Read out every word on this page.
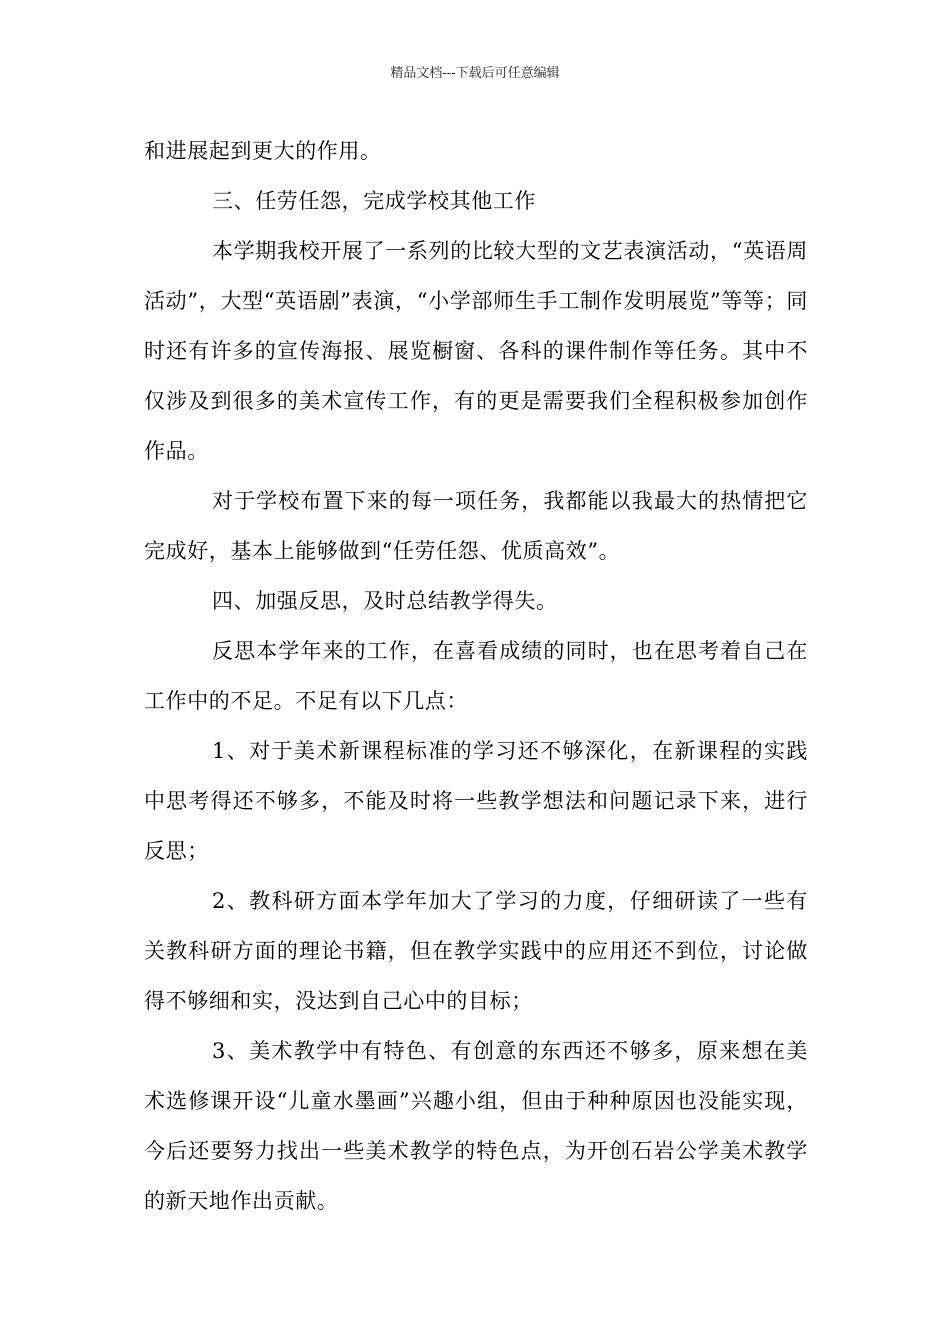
精品文档---下载后可任意编辑

和进展起到更大的作用。

三、任劳任怨，完成学校其他工作

本学期我校开展了一系列的比较大型的文艺表演活动，“英语周活动”，大型“英语剧”表演，“小学部师生手工制作发明展览”等等；同时还有许多的宣传海报、展览橱窗、各科的课件制作等任务。其中不仅涉及到很多的美术宣传工作，有的更是需要我们全程积极参加创作作品。

对于学校布置下来的每一项任务，我都能以我最大的热情把它完成好，基本上能够做到“任劳任怨、优质高效”。

四、加强反思，及时总结教学得失。

反思本学年来的工作，在喜看成绩的同时，也在思考着自己在工作中的不足。不足有以下几点：

1、对于美术新课程标准的学习还不够深化，在新课程的实践中思考得还不够多，不能及时将一些教学想法和问题记录下来，进行反思；

2、教科研方面本学年加大了学习的力度，仔细研读了一些有关教科研方面的理论书籍，但在教学实践中的应用还不到位，讨论做得不够细和实，没达到自己心中的目标；

3、美术教学中有特色、有创意的东西还不够多，原来想在美术选修课开设“儿童水墨画”兴趣小组，但由于种种原因也没能实现，今后还要努力找出一些美术教学的特色点，为开创石岩公学美术教学的新天地作出贡献。
